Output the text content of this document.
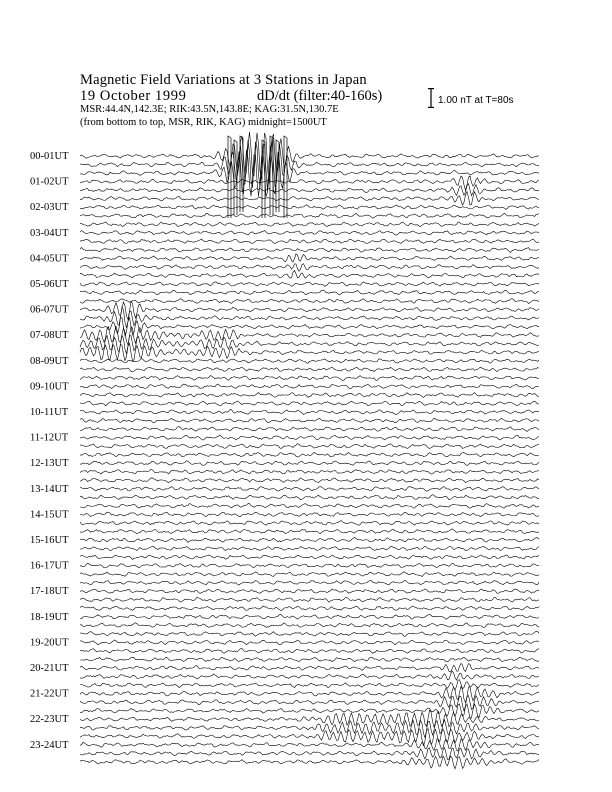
Magnetic Field Variations at 3 Stations in Japan
19 October 1999	dD/dt (filter:40-160s)
MSR:44.4N,142.3E; RIK:43.5N,143.8E; KAG:31.5N,130.7E
(from bottom to top, MSR, RIK, KAG) midnight=1500UT
1.00 nT at T=80s
00-01UT
01-02UT
02-03UT
03-04UT
04-05UT
05-06UT
06-07UT
07-08UT
08-09UT
09-10UT
10-11UT
11-12UT
12-13UT
13-14UT
14-15UT
15-16UT
16-17UT
17-18UT
18-19UT
19-20UT
20-21UT
21-22UT
22-23UT
23-24UT
